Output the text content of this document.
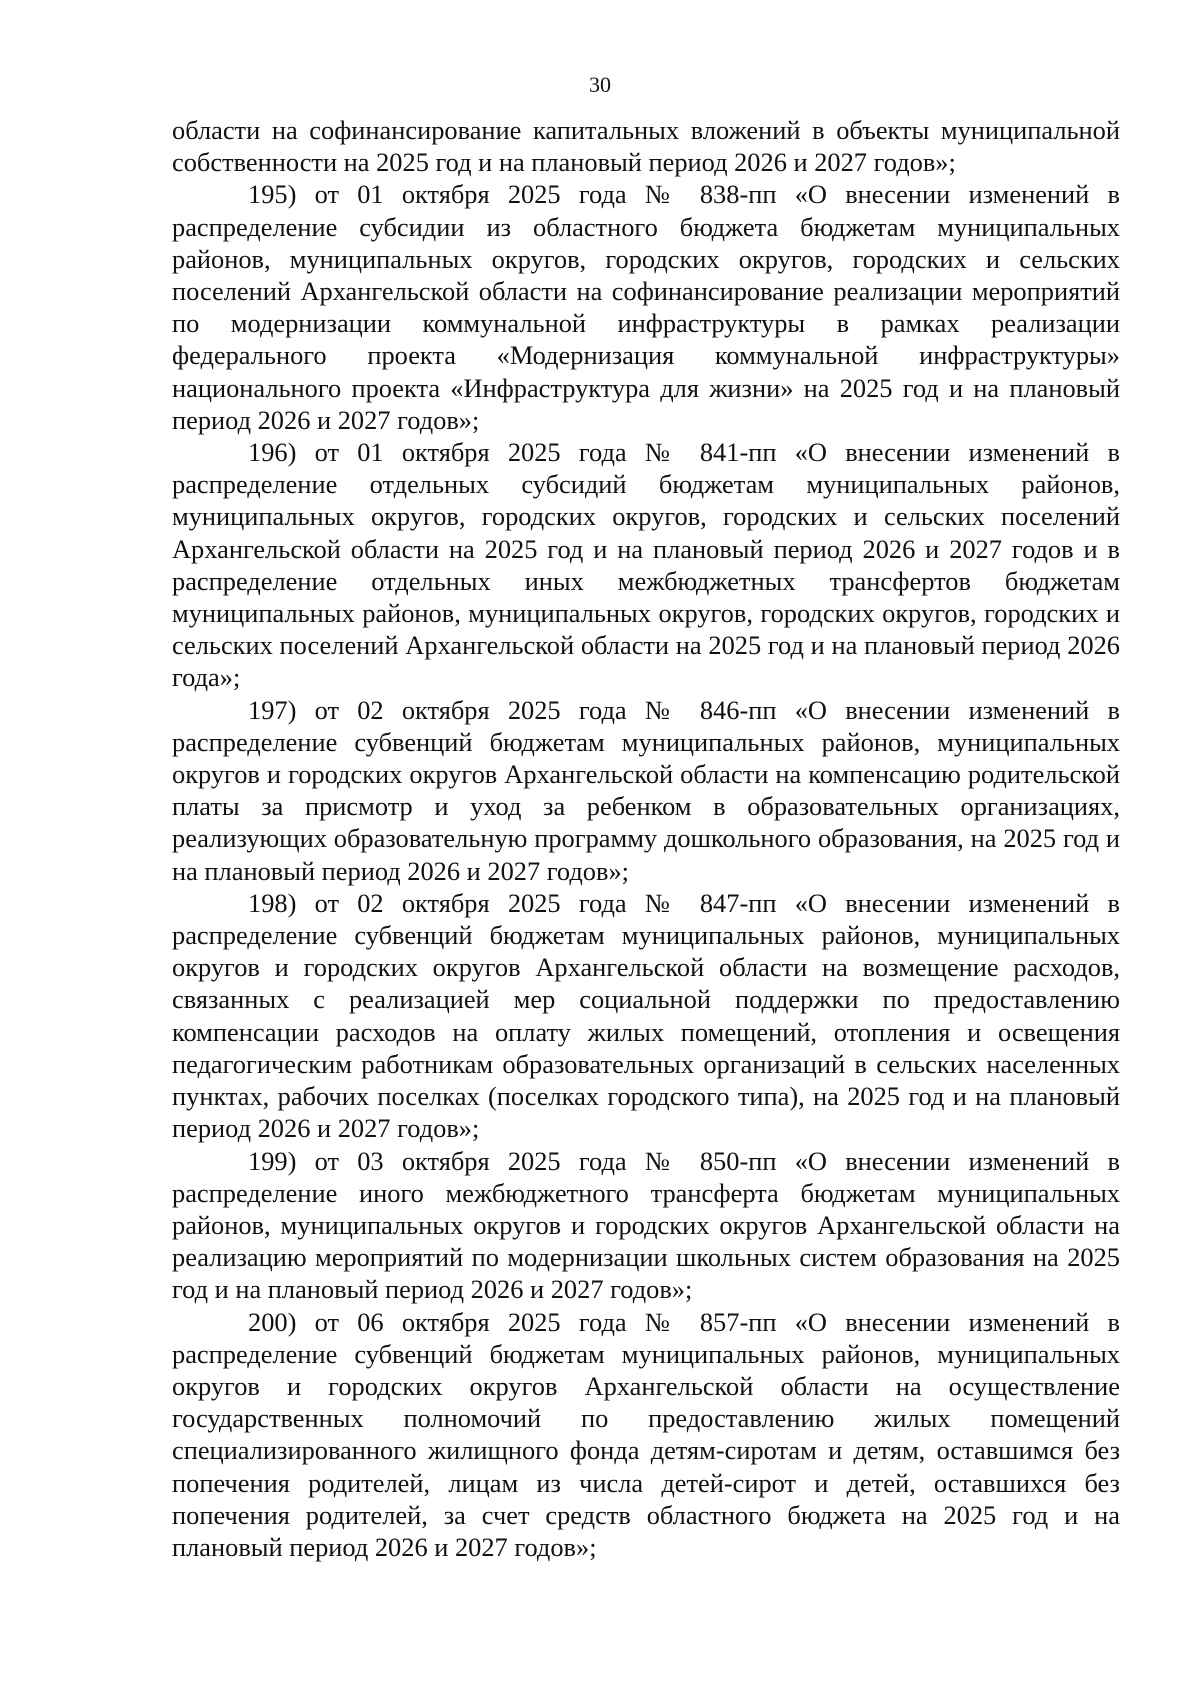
30

области на софинансирование капитальных вложений в объекты муниципальной собственности на 2025 год и на плановый период 2026 и 2027 годов»;

195) от 01 октября 2025 года № 838-пп «О внесении изменений в распределение субсидии из областного бюджета бюджетам муниципальных районов, муниципальных округов, городских округов, городских и сельских поселений Архангельской области на софинансирование реализации мероприятий по модернизации коммунальной инфраструктуры в рамках реализации федерального проекта «Модернизация коммунальной инфраструктуры» национального проекта «Инфраструктура для жизни» на 2025 год и на плановый период 2026 и 2027 годов»;

196) от 01 октября 2025 года № 841-пп «О внесении изменений в распределение отдельных субсидий бюджетам муниципальных районов, муниципальных округов, городских округов, городских и сельских поселений Архангельской области на 2025 год и на плановый период 2026 и 2027 годов и в распределение отдельных иных межбюджетных трансфертов бюджетам муниципальных районов, муниципальных округов, городских округов, городских и сельских поселений Архангельской области на 2025 год и на плановый период 2026 года»;

197) от 02 октября 2025 года № 846-пп «О внесении изменений в распределение субвенций бюджетам муниципальных районов, муниципальных округов и городских округов Архангельской области на компенсацию родительской платы за присмотр и уход за ребенком в образовательных организациях, реализующих образовательную программу дошкольного образования, на 2025 год и на плановый период 2026 и 2027 годов»;

198) от 02 октября 2025 года № 847-пп «О внесении изменений в распределение субвенций бюджетам муниципальных районов, муниципальных округов и городских округов Архангельской области на возмещение расходов, связанных с реализацией мер социальной поддержки по предоставлению компенсации расходов на оплату жилых помещений, отопления и освещения педагогическим работникам образовательных организаций в сельских населенных пунктах, рабочих поселках (поселках городского типа), на 2025 год и на плановый период 2026 и 2027 годов»;

199) от 03 октября 2025 года № 850-пп «О внесении изменений в распределение иного межбюджетного трансферта бюджетам муниципальных районов, муниципальных округов и городских округов Архангельской области на реализацию мероприятий по модернизации школьных систем образования на 2025 год и на плановый период 2026 и 2027 годов»;

200) от 06 октября 2025 года № 857-пп «О внесении изменений в распределение субвенций бюджетам муниципальных районов, муниципальных округов и городских округов Архангельской области на осуществление государственных полномочий по предоставлению жилых помещений специализированного жилищного фонда детям-сиротам и детям, оставшимся без попечения родителей, лицам из числа детей-сирот и детей, оставшихся без попечения родителей, за счет средств областного бюджета на 2025 год и на плановый период 2026 и 2027 годов»;
